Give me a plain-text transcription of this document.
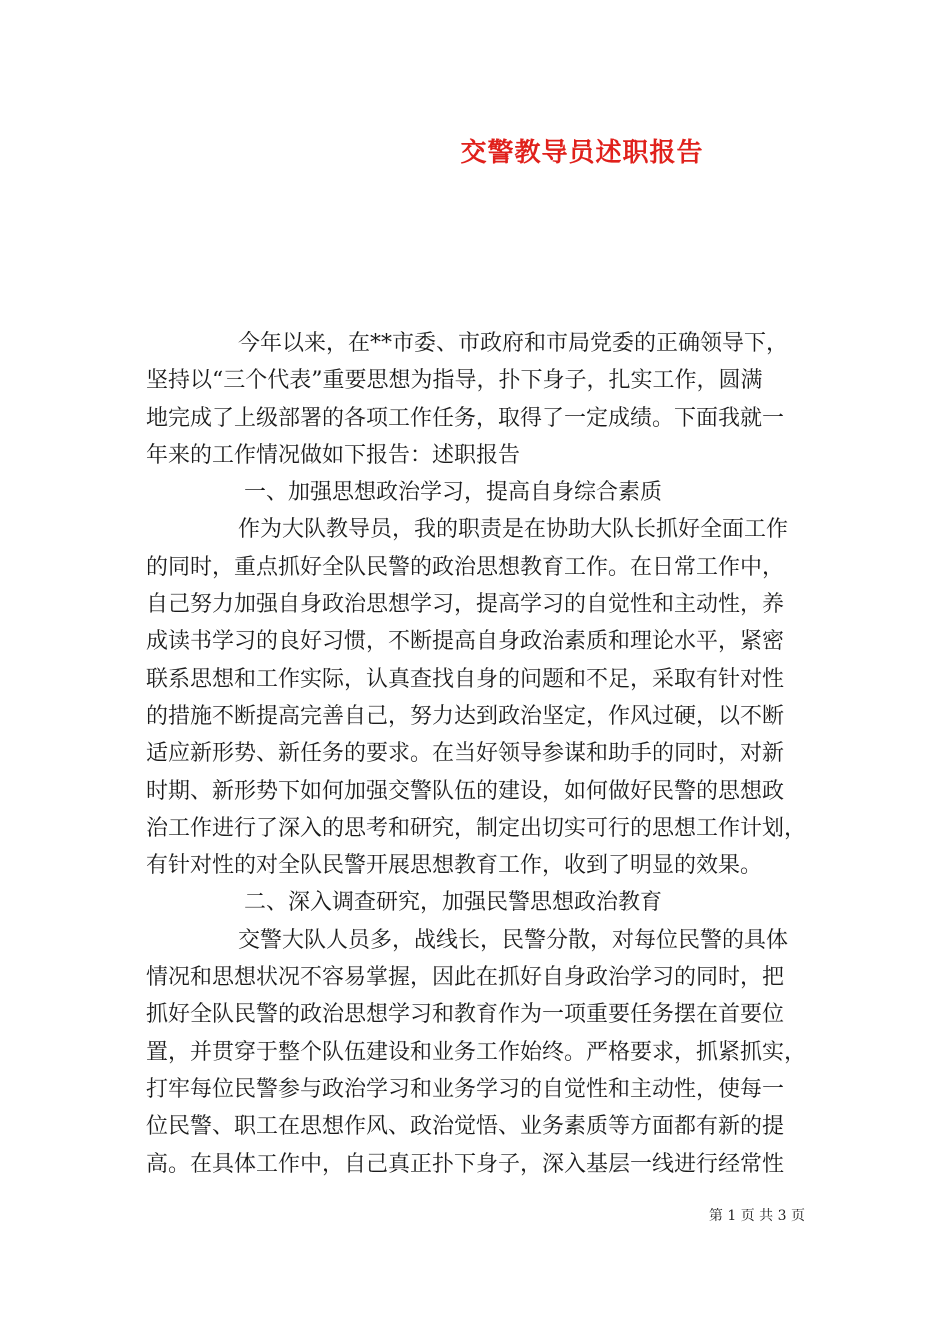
交警教导员述职报告
今年以来，在**市委、市政府和市局党委的正确领导下，
坚持以“三个代表”重要思想为指导，扑下身子，扎实工作，圆满
地完成了上级部署的各项工作任务，取得了一定成绩。下面我就一
年来的工作情况做如下报告：述职报告
一、加强思想政治学习，提高自身综合素质
作为大队教导员，我的职责是在协助大队长抓好全面工作
的同时，重点抓好全队民警的政治思想教育工作。在日常工作中，
自己努力加强自身政治思想学习，提高学习的自觉性和主动性，养
成读书学习的良好习惯，不断提高自身政治素质和理论水平，紧密
联系思想和工作实际，认真查找自身的问题和不足，采取有针对性
的措施不断提高完善自己，努力达到政治坚定，作风过硬，以不断
适应新形势、新任务的要求。在当好领导参谋和助手的同时，对新
时期、新形势下如何加强交警队伍的建设，如何做好民警的思想政
治工作进行了深入的思考和研究，制定出切实可行的思想工作计划，
有针对性的对全队民警开展思想教育工作，收到了明显的效果。
二、深入调查研究，加强民警思想政治教育
交警大队人员多，战线长，民警分散，对每位民警的具体
情况和思想状况不容易掌握，因此在抓好自身政治学习的同时，把
抓好全队民警的政治思想学习和教育作为一项重要任务摆在首要位
置，并贯穿于整个队伍建设和业务工作始终。严格要求，抓紧抓实，
打牢每位民警参与政治学习和业务学习的自觉性和主动性，使每一
位民警、职工在思想作风、政治觉悟、业务素质等方面都有新的提
高。在具体工作中，自己真正扑下身子，深入基层一线进行经常性
第 1 页 共 3 页
